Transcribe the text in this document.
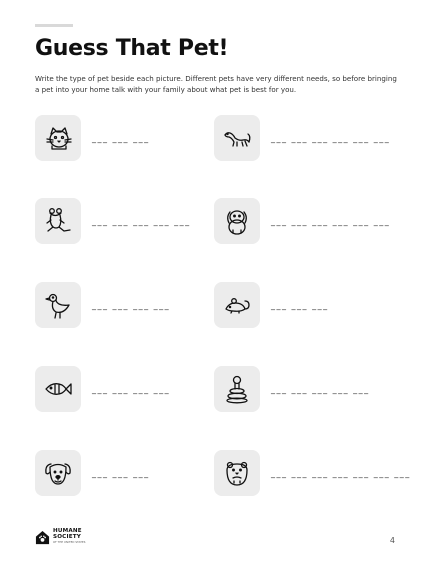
Guess That Pet!

Write the type of pet beside each picture. Different pets have very different needs, so before bringing a pet into your home talk with your family about what pet is best for you.

___ ___ ___	___ ___ ___ ___ ___ ___
___ ___ ___ ___ ___	___ ___ ___ ___ ___ ___
___ ___ ___ ___	___ ___ ___
___ ___ ___ ___	___ ___ ___ ___ ___
___ ___ ___	___ ___ ___ ___ ___ ___ ___
HUMANE
SOCIETY
OF THE UNITED STATES	4
